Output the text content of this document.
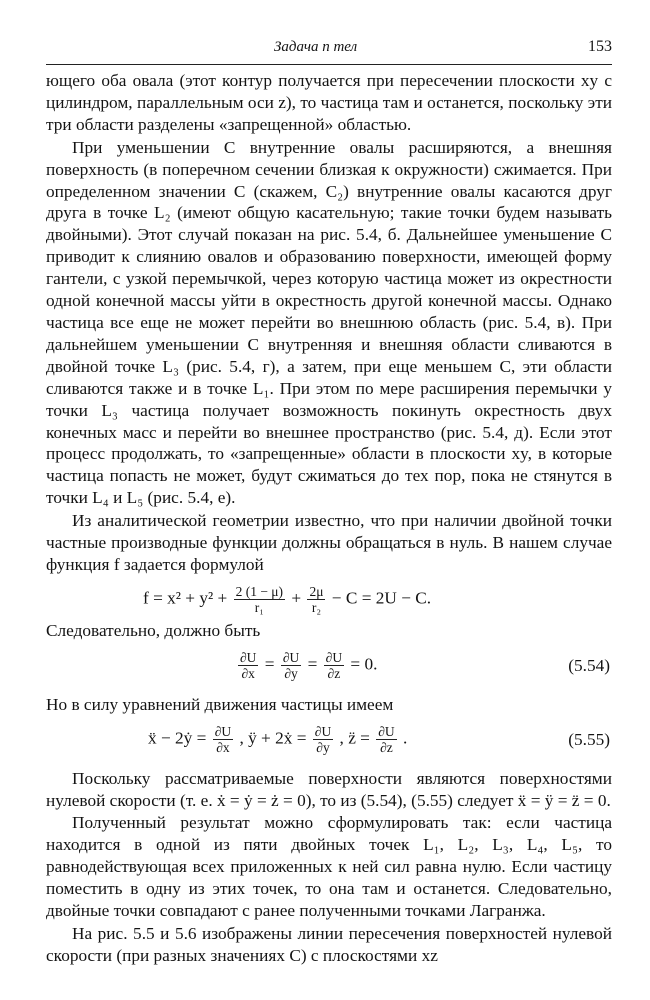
Задача n тел	153

ющего оба овала (этот контур получается при пересечении плоскости xy с цилиндром, параллельным оси z), то частица там и останется, поскольку эти три области разделены «запрещенной» областью.

При уменьшении C внутренние овалы расширяются, а внешняя поверхность (в поперечном сечении близкая к окружности) сжимается. При определенном значении C (скажем, C₂) внутренние овалы касаются друг друга в точке L₂ (имеют общую касательную; такие точки будем называть двойными). Этот случай показан на рис. 5.4, б. Дальнейшее уменьшение C приводит к слиянию овалов и образованию поверхности, имеющей форму гантели, с узкой перемычкой, через которую частица может из окрестности одной конечной массы уйти в окрестность другой конечной массы. Однако частица все еще не может перейти во внешнюю область (рис. 5.4, в). При дальнейшем уменьшении C внутренняя и внешняя области сливаются в двойной точке L₃ (рис. 5.4, г), а затем, при еще меньшем C, эти области сливаются также и в точке L₁. При этом по мере расширения перемычки у точки L₃ частица получает возможность покинуть окрестность двух конечных масс и перейти во внешнее пространство (рис. 5.4, д). Если этот процесс продолжать, то «запрещенные» области в плоскости xy, в которые частица попасть не может, будут сжиматься до тех пор, пока не стянутся в точки L₄ и L₅ (рис. 5.4, е).

Из аналитической геометрии известно, что при наличии двойной точки частные производные функции должны обращаться в нуль. В нашем случае функция f задается формулой

$f = x^2 + y^2 + \frac{2 (1 - \mu)}{\text{r₁}} + \frac{2\mu}{\text{r₂}} - C = 2U - C$.

Следовательно, должно быть

$\frac{\partial U}{\partial x} = \frac{\partial U}{\partial y} = \frac{\partial U}{\partial z} = 0$.	(5.54)

Но в силу уравнений движения частицы имеем

ẍ − 2ẏ = $\frac{\partial U}{\partial x}$ , ÿ + 2ẋ = $\frac{\partial U}{\partial y}$ , z̈ = $\frac{\partial U}{\partial z}$ .	(5.55)

Поскольку рассматриваемые поверхности являются поверхностями нулевой скорости (т. е. ẋ = ẏ = ż = 0), то из (5.54), (5.55) следует ẍ = ÿ = z̈ = 0.

Полученный результат можно сформулировать так: если частица находится в одной из пяти двойных точек L₁, L₂, L₃, L₄, L₅, то равнодействующая всех приложенных к ней сил равна нулю. Если частицу поместить в одну из этих точек, то она там и останется. Следовательно, двойные точки совпадают с ранее полученными точками Лагранжа.

На рис. 5.5 и 5.6 изображены линии пересечения поверхностей нулевой скорости (при разных значениях C) с плоскостями xz
